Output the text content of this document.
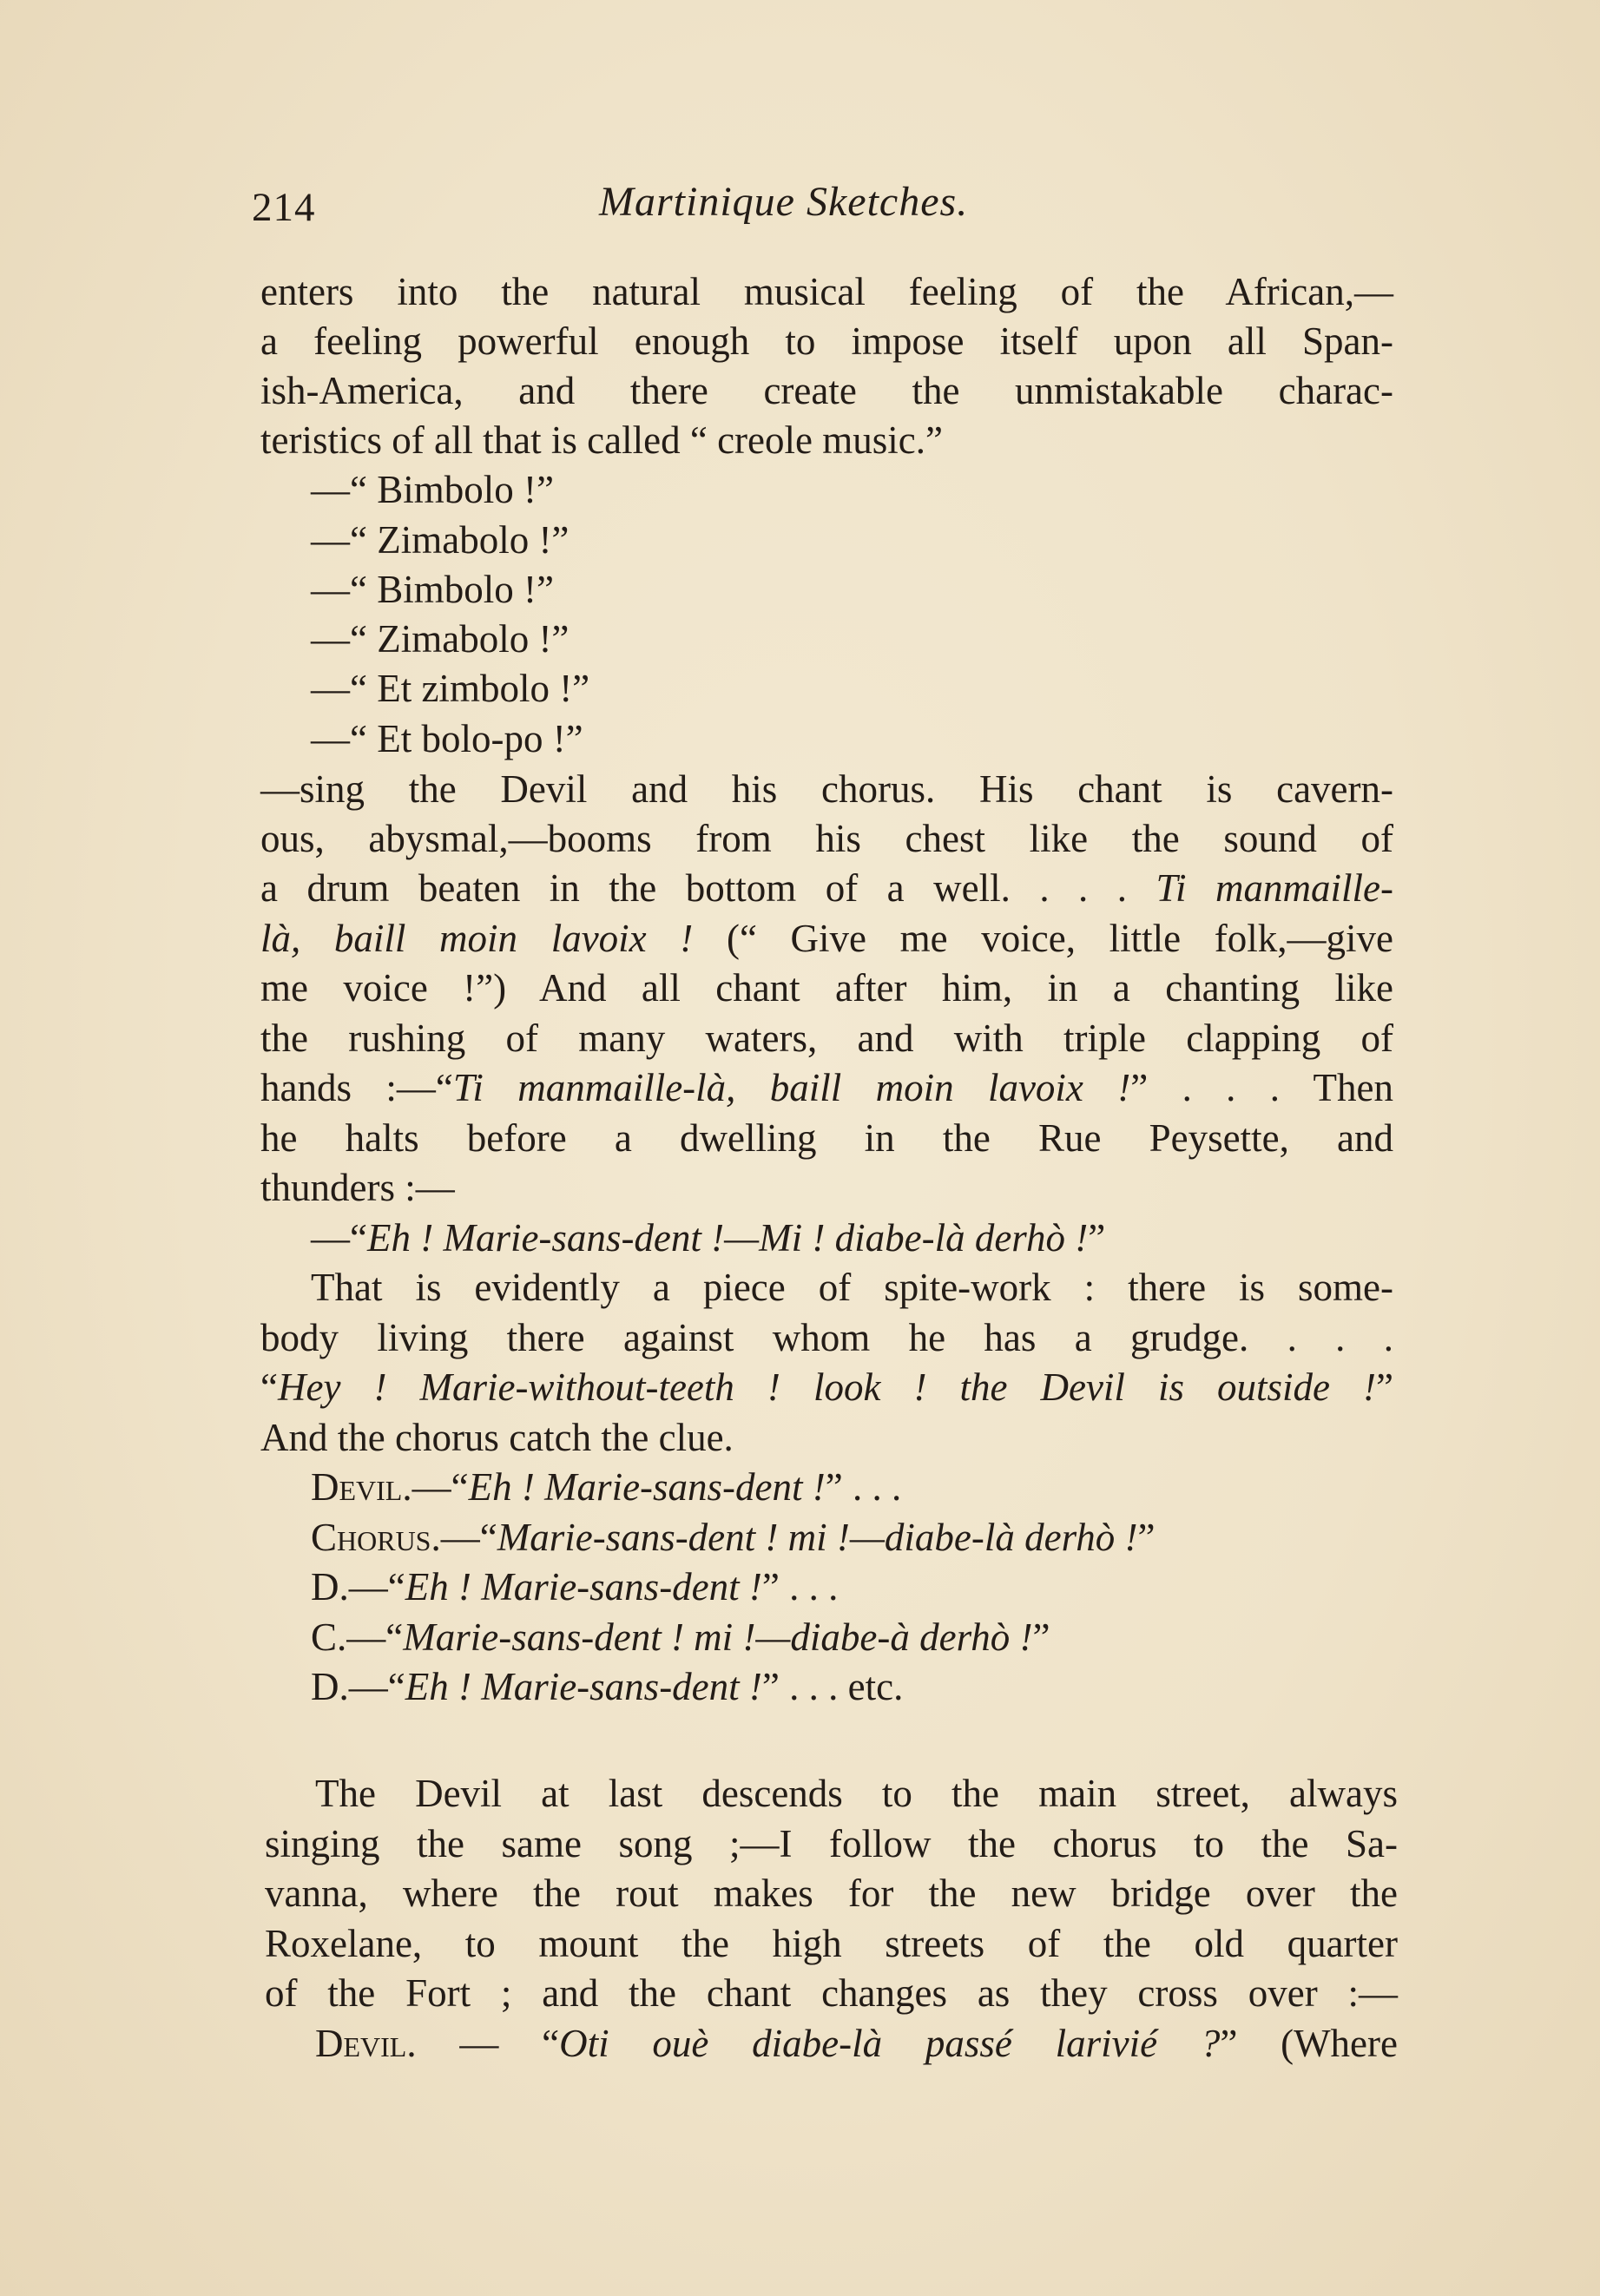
214	Martinique Sketches.
enters into the natural musical feeling of the African,—
a feeling powerful enough to impose itself upon all Span-
ish-America, and there create the unmistakable charac-
teristics of all that is called “ creole music.”
—“ Bimbolo !”
—“ Zimabolo !”
—“ Bimbolo !”
—“ Zimabolo !”
—“ Et zimbolo !”
—“ Et bolo-po !”
—sing the Devil and his chorus. His chant is cavern-
ous, abysmal,—booms from his chest like the sound of
a drum beaten in the bottom of a well. . . . Ti manmaille-
là, baill moin lavoix ! (“ Give me voice, little folk,—give
me voice !”) And all chant after him, in a chanting like
the rushing of many waters, and with triple clapping of
hands :—“Ti manmaille-là, baill moin lavoix !” . . . Then
he halts before a dwelling in the Rue Peysette, and
thunders :—
—“Eh ! Marie-sans-dent !—Mi ! diabe-là derhò !”
That is evidently a piece of spite-work : there is some-
body living there against whom he has a grudge. . . .
“Hey ! Marie-without-teeth ! look ! the Devil is outside !”
And the chorus catch the clue.
Devil.—“Eh ! Marie-sans-dent !” . . .
Chorus.—“Marie-sans-dent ! mi !—diabe-là derhò !”
D.—“Eh ! Marie-sans-dent !” . . .
C.—“Marie-sans-dent ! mi !—diabe-à derhò !”
D.—“Eh ! Marie-sans-dent !” . . . etc.
The Devil at last descends to the main street, always
singing the same song ;—I follow the chorus to the Sa-
vanna, where the rout makes for the new bridge over the
Roxelane, to mount the high streets of the old quarter
of the Fort ; and the chant changes as they cross over :—
Devil. — “Oti ouè diabe-là passé larivié ?” (Where
